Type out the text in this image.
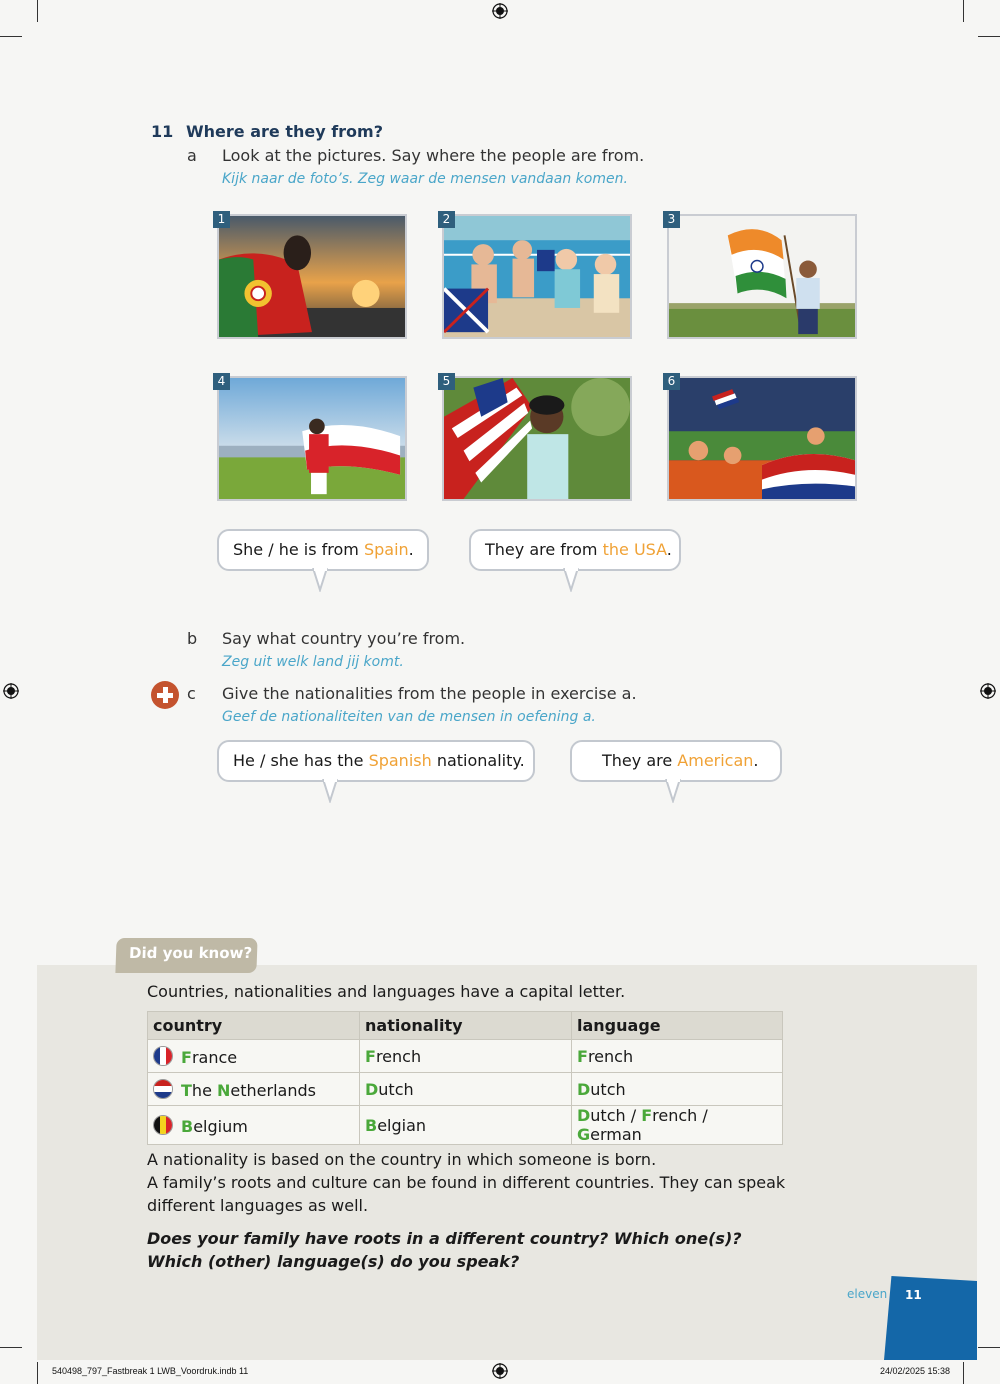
11 Where are they from?
a Look at the pictures. Say where the people are from.
Kijk naar de foto’s. Zeg waar de mensen vandaan komen.
1	2	3
4	5	6
She / he is from Spain.	They are from the USA.
b Say what country you’re from.
Zeg uit welk land jij komt.
c Give the nationalities from the people in exercise a.
Geef de nationaliteiten van de mensen in oefening a.
He / she has the Spanish nationality.	They are American.
Did you know?
Countries, nationalities and languages have a capital letter.
country	nationality	language

France	French	French

The Netherlands	Dutch	Dutch

Belgium	Belgian	Dutch / French / German
A nationality is based on the country in which someone is born.
A family’s roots and culture can be found in different countries. They can speak different languages as well.
Does your family have roots in a different country? Which one(s)?
Which (other) language(s) do you speak?
eleven 11
540498_797_Fastbreak 1 LWB_Voordruk.indb 11	24/02/2025 15:38
